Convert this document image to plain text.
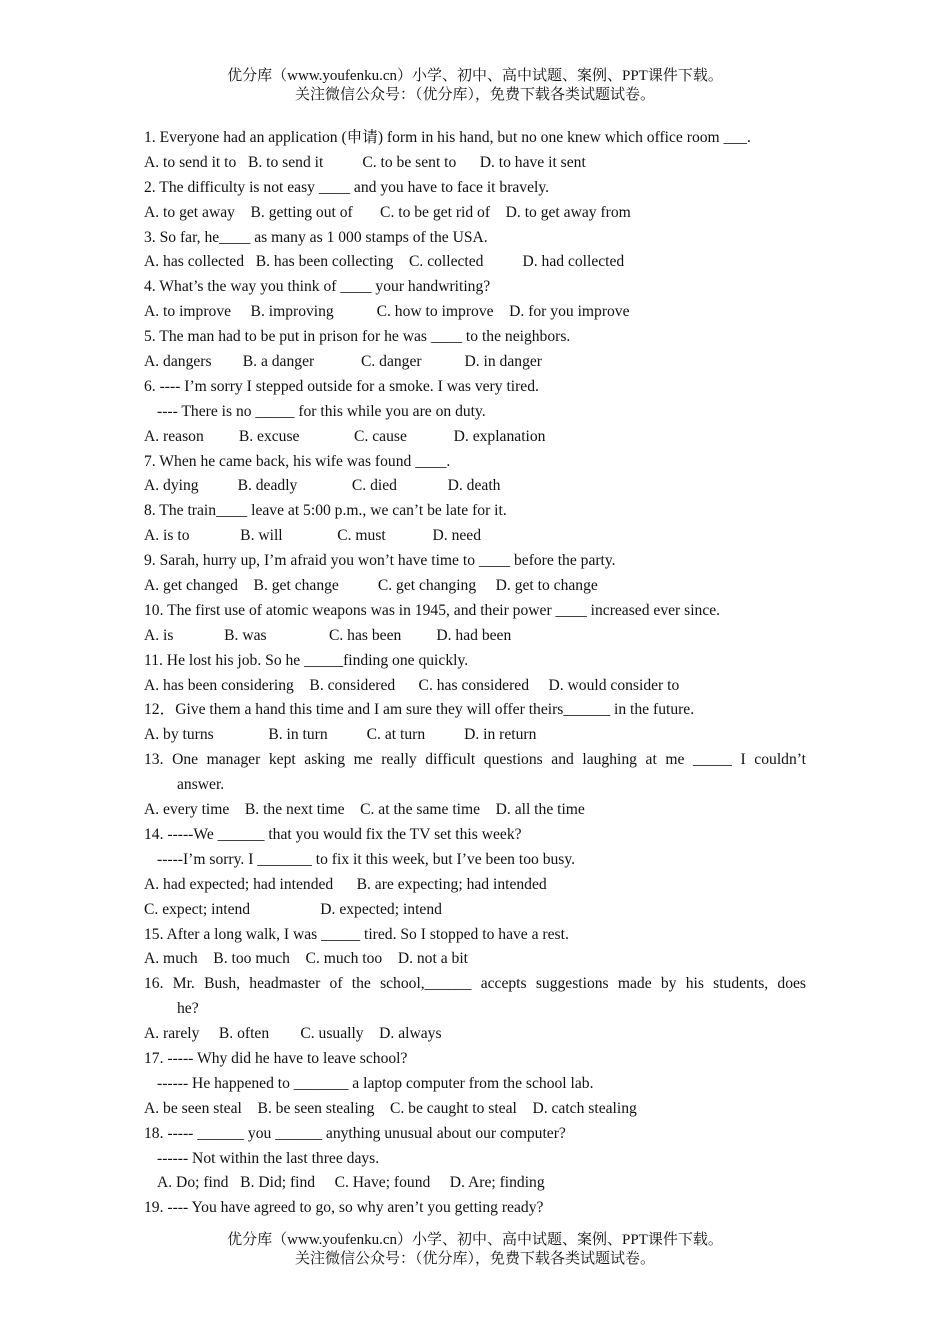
优分库（www.youfenku.cn）小学、初中、高中试题、案例、PPT课件下载。
关注微信公众号：（优分库），免费下载各类试题试卷。
1. Everyone had an application (申请) form in his hand, but no one knew which office room ___.
A. to send it to   B. to send it          C. to be sent to      D. to have it sent
2. The difficulty is not easy ____ and you have to face it bravely.
A. to get away    B. getting out of       C. to be get rid of    D. to get away from
3. So far, he____ as many as 1 000 stamps of the USA.
A. has collected   B. has been collecting    C. collected          D. had collected
4. What’s the way you think of ____ your handwriting?
A. to improve     B. improving           C. how to improve    D. for you improve
5. The man had to be put in prison for he was ____ to the neighbors.
A. dangers        B. a danger            C. danger           D. in danger
6. ---- I’m sorry I stepped outside for a smoke. I was very tired.
---- There is no _____ for this while you are on duty.
A. reason         B. excuse              C. cause            D. explanation
7. When he came back, his wife was found ____.
A. dying          B. deadly              C. died             D. death
8. The train____ leave at 5:00 p.m., we can’t be late for it.
A. is to             B. will              C. must            D. need
9. Sarah, hurry up, I’m afraid you won’t have time to ____ before the party.
A. get changed    B. get change          C. get changing     D. get to change
10. The first use of atomic weapons was in 1945, and their power ____ increased ever since.
A. is             B. was                C. has been         D. had been
11. He lost his job. So he _____finding one quickly.
A. has been considering    B. considered      C. has considered     D. would consider to
12．Give them a hand this time and I am sure they will offer theirs______ in the future.
A. by turns              B. in turn          C. at turn          D. in return
13. One manager kept asking me really difficult questions and laughing at me _____ I couldn’t
answer.
A. every time    B. the next time    C. at the same time    D. all the time
14. -----We ______ that you would fix the TV set this week?
-----I’m sorry. I _______ to fix it this week, but I’ve been too busy.
A. had expected; had intended      B. are expecting; had intended
C. expect; intend                  D. expected; intend
15. After a long walk, I was _____ tired. So I stopped to have a rest.
A. much    B. too much    C. much too    D. not a bit
16. Mr. Bush, headmaster of the school,______ accepts suggestions made by his students, does
he?
A. rarely     B. often        C. usually    D. always
17. ----- Why did he have to leave school?
------ He happened to _______ a laptop computer from the school lab.
A. be seen steal    B. be seen stealing    C. be caught to steal    D. catch stealing
18. ----- ______ you ______ anything unusual about our computer?
------ Not within the last three days.
A. Do; find   B. Did; find     C. Have; found     D. Are; finding
19. ---- You have agreed to go, so why aren’t you getting ready?
优分库（www.youfenku.cn）小学、初中、高中试题、案例、PPT课件下载。
关注微信公众号：（优分库），免费下载各类试题试卷。
